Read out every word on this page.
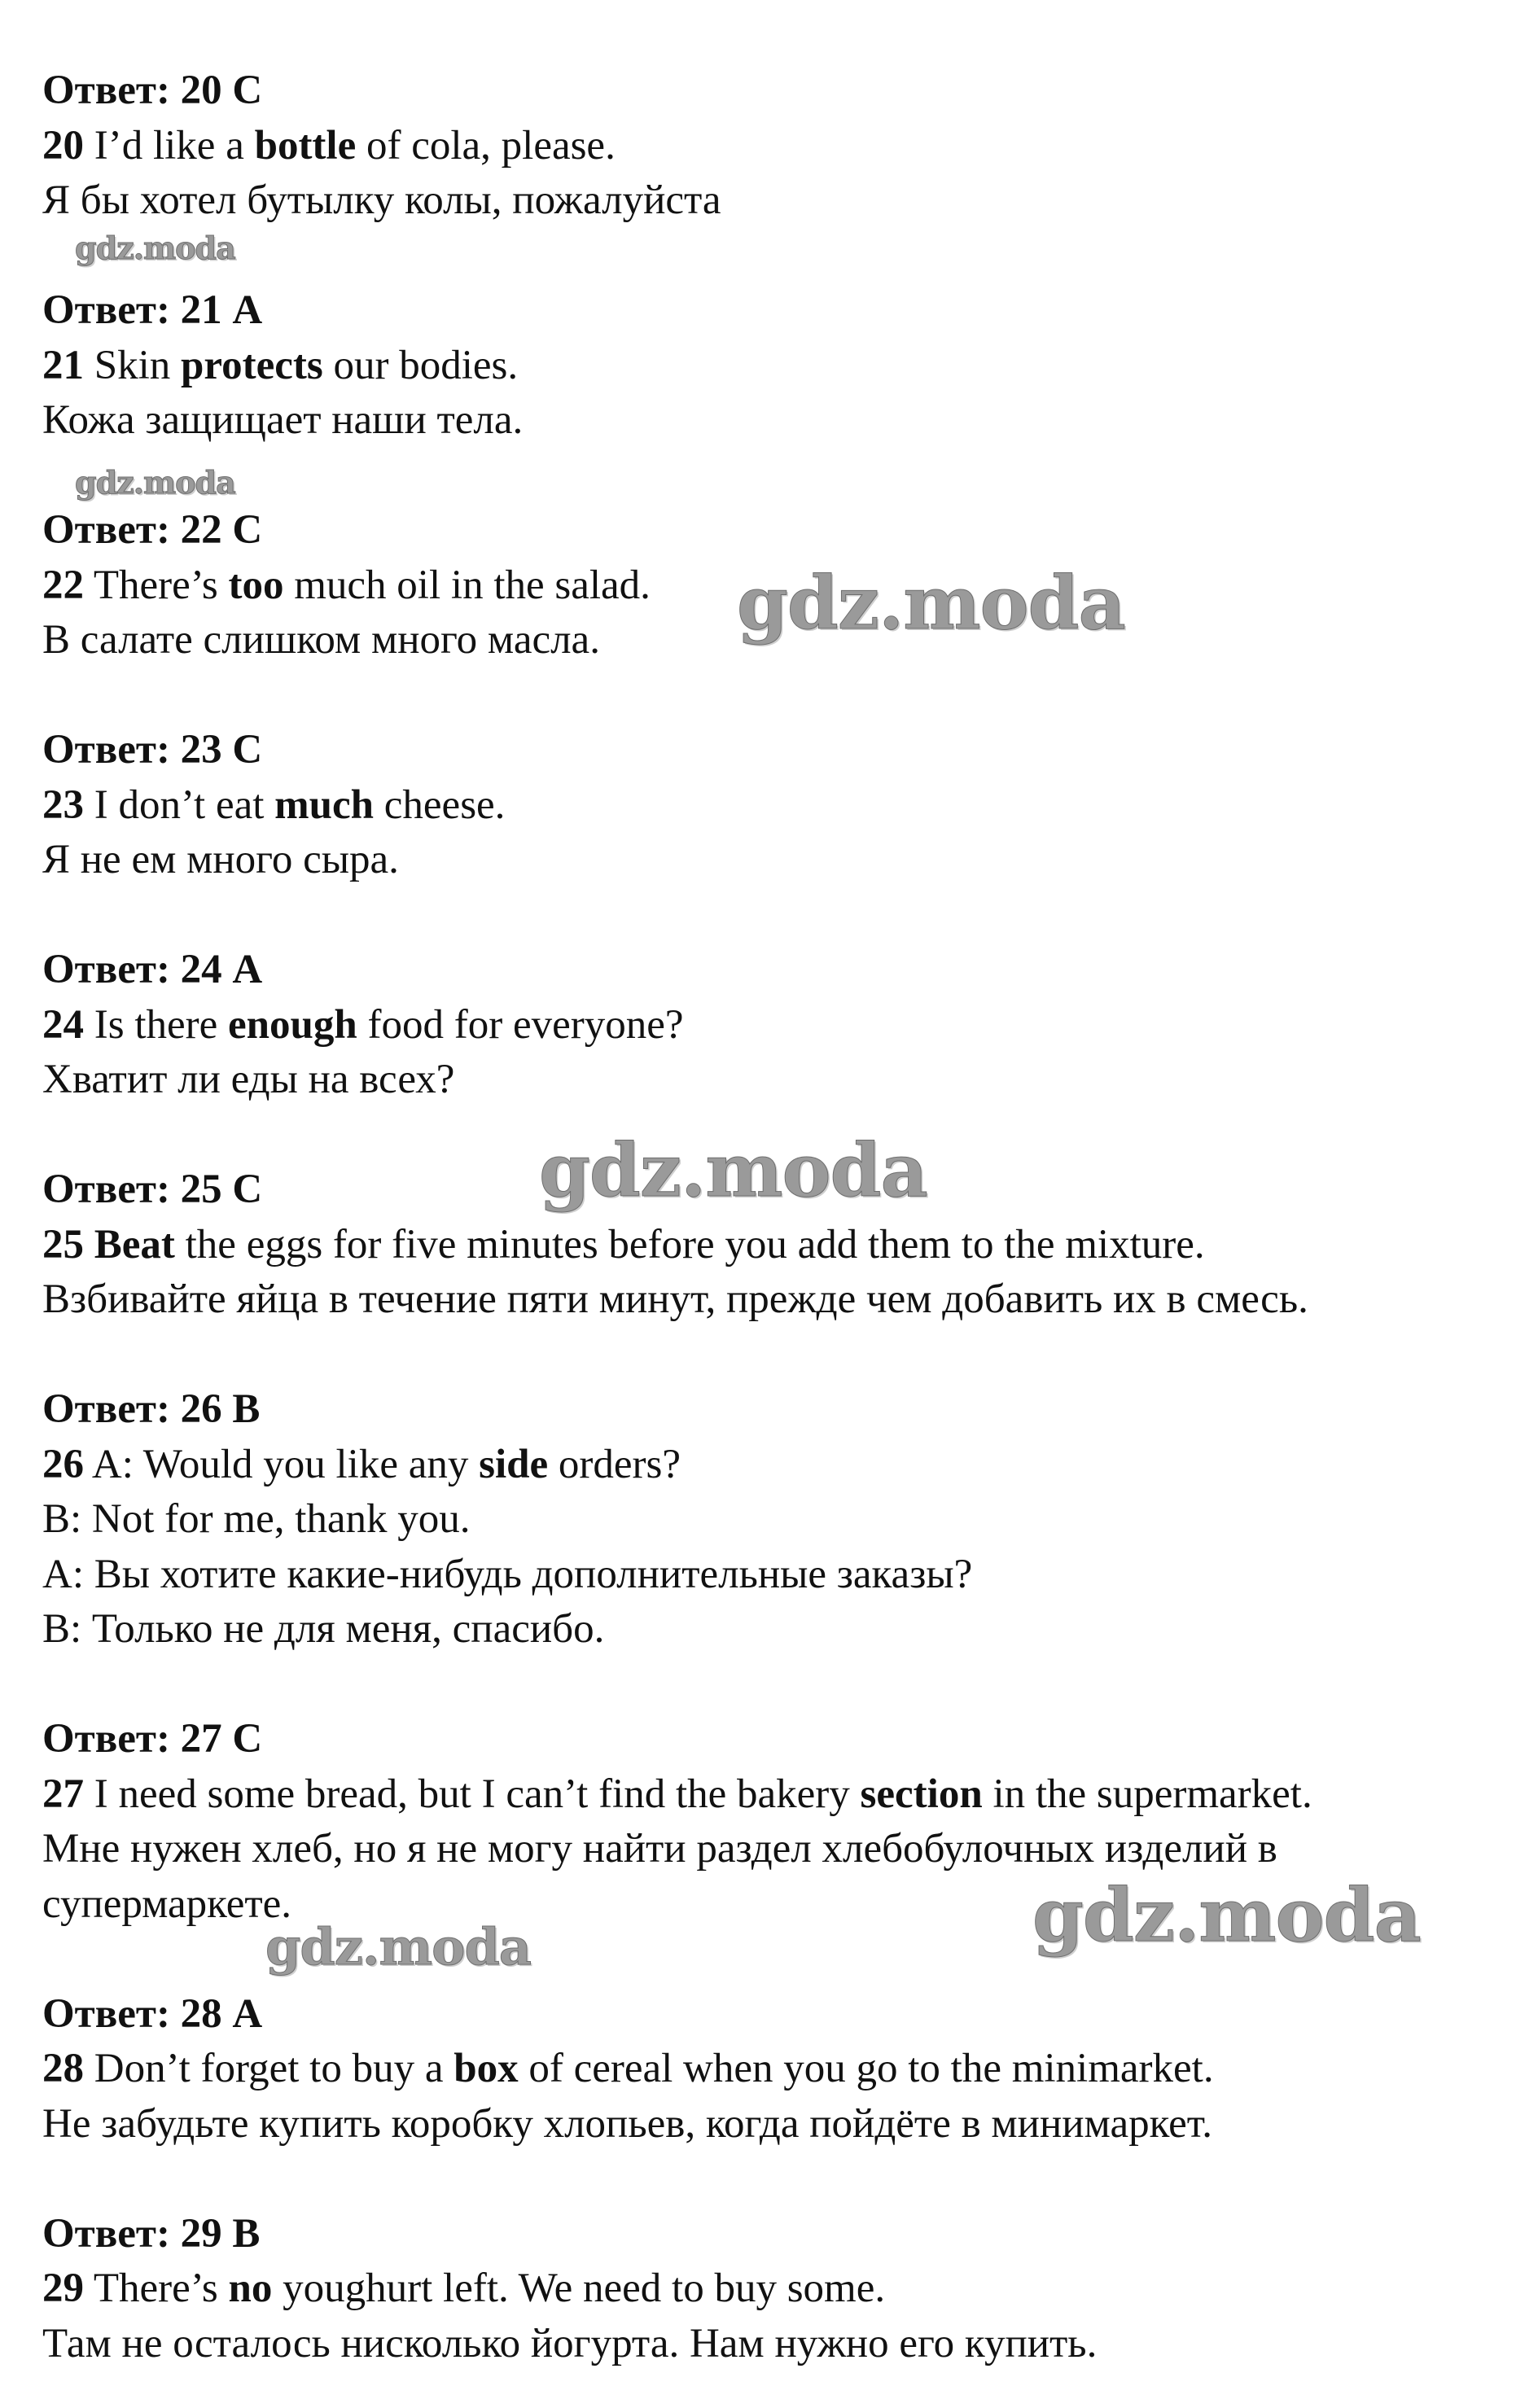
Ответ: 20 C
20 I’d like a bottle of cola, please.
Я бы хотел бутылку колы, пожалуйста
Ответ: 21 A
21 Skin protects our bodies.
Кожа защищает наши тела.
Ответ: 22 C
22 There’s too much oil in the salad.
В салате слишком много масла.
Ответ: 23 C
23 I don’t eat much cheese.
Я не ем много сыра.
Ответ: 24 A
24 Is there enough food for everyone?
Хватит ли еды на всех?
Ответ: 25 C
25 Beat the eggs for five minutes before you add them to the mixture.
Взбивайте яйца в течение пяти минут, прежде чем добавить их в смесь.
Ответ: 26 B
26 A: Would you like any side orders?
B: Not for me, thank you.
А: Вы хотите какие-нибудь дополнительные заказы?
В: Только не для меня, спасибо.
Ответ: 27 C
27 I need some bread, but I can’t find the bakery section in the supermarket.
Мне нужен хлеб, но я не могу найти раздел хлебобулочных изделий в супермаркете.
Ответ: 28 A
28 Don’t forget to buy a box of cereal when you go to the minimarket.
Не забудьте купить коробку хлопьев, когда пойдёте в минимаркет.
Ответ: 29 B
29 There’s no youghurt left. We need to buy some.
Там не осталось нисколько йогурта. Нам нужно его купить.
gdz.moda
gdz.moda
gdz.moda
gdz.moda
gdz.moda
gdz.moda
